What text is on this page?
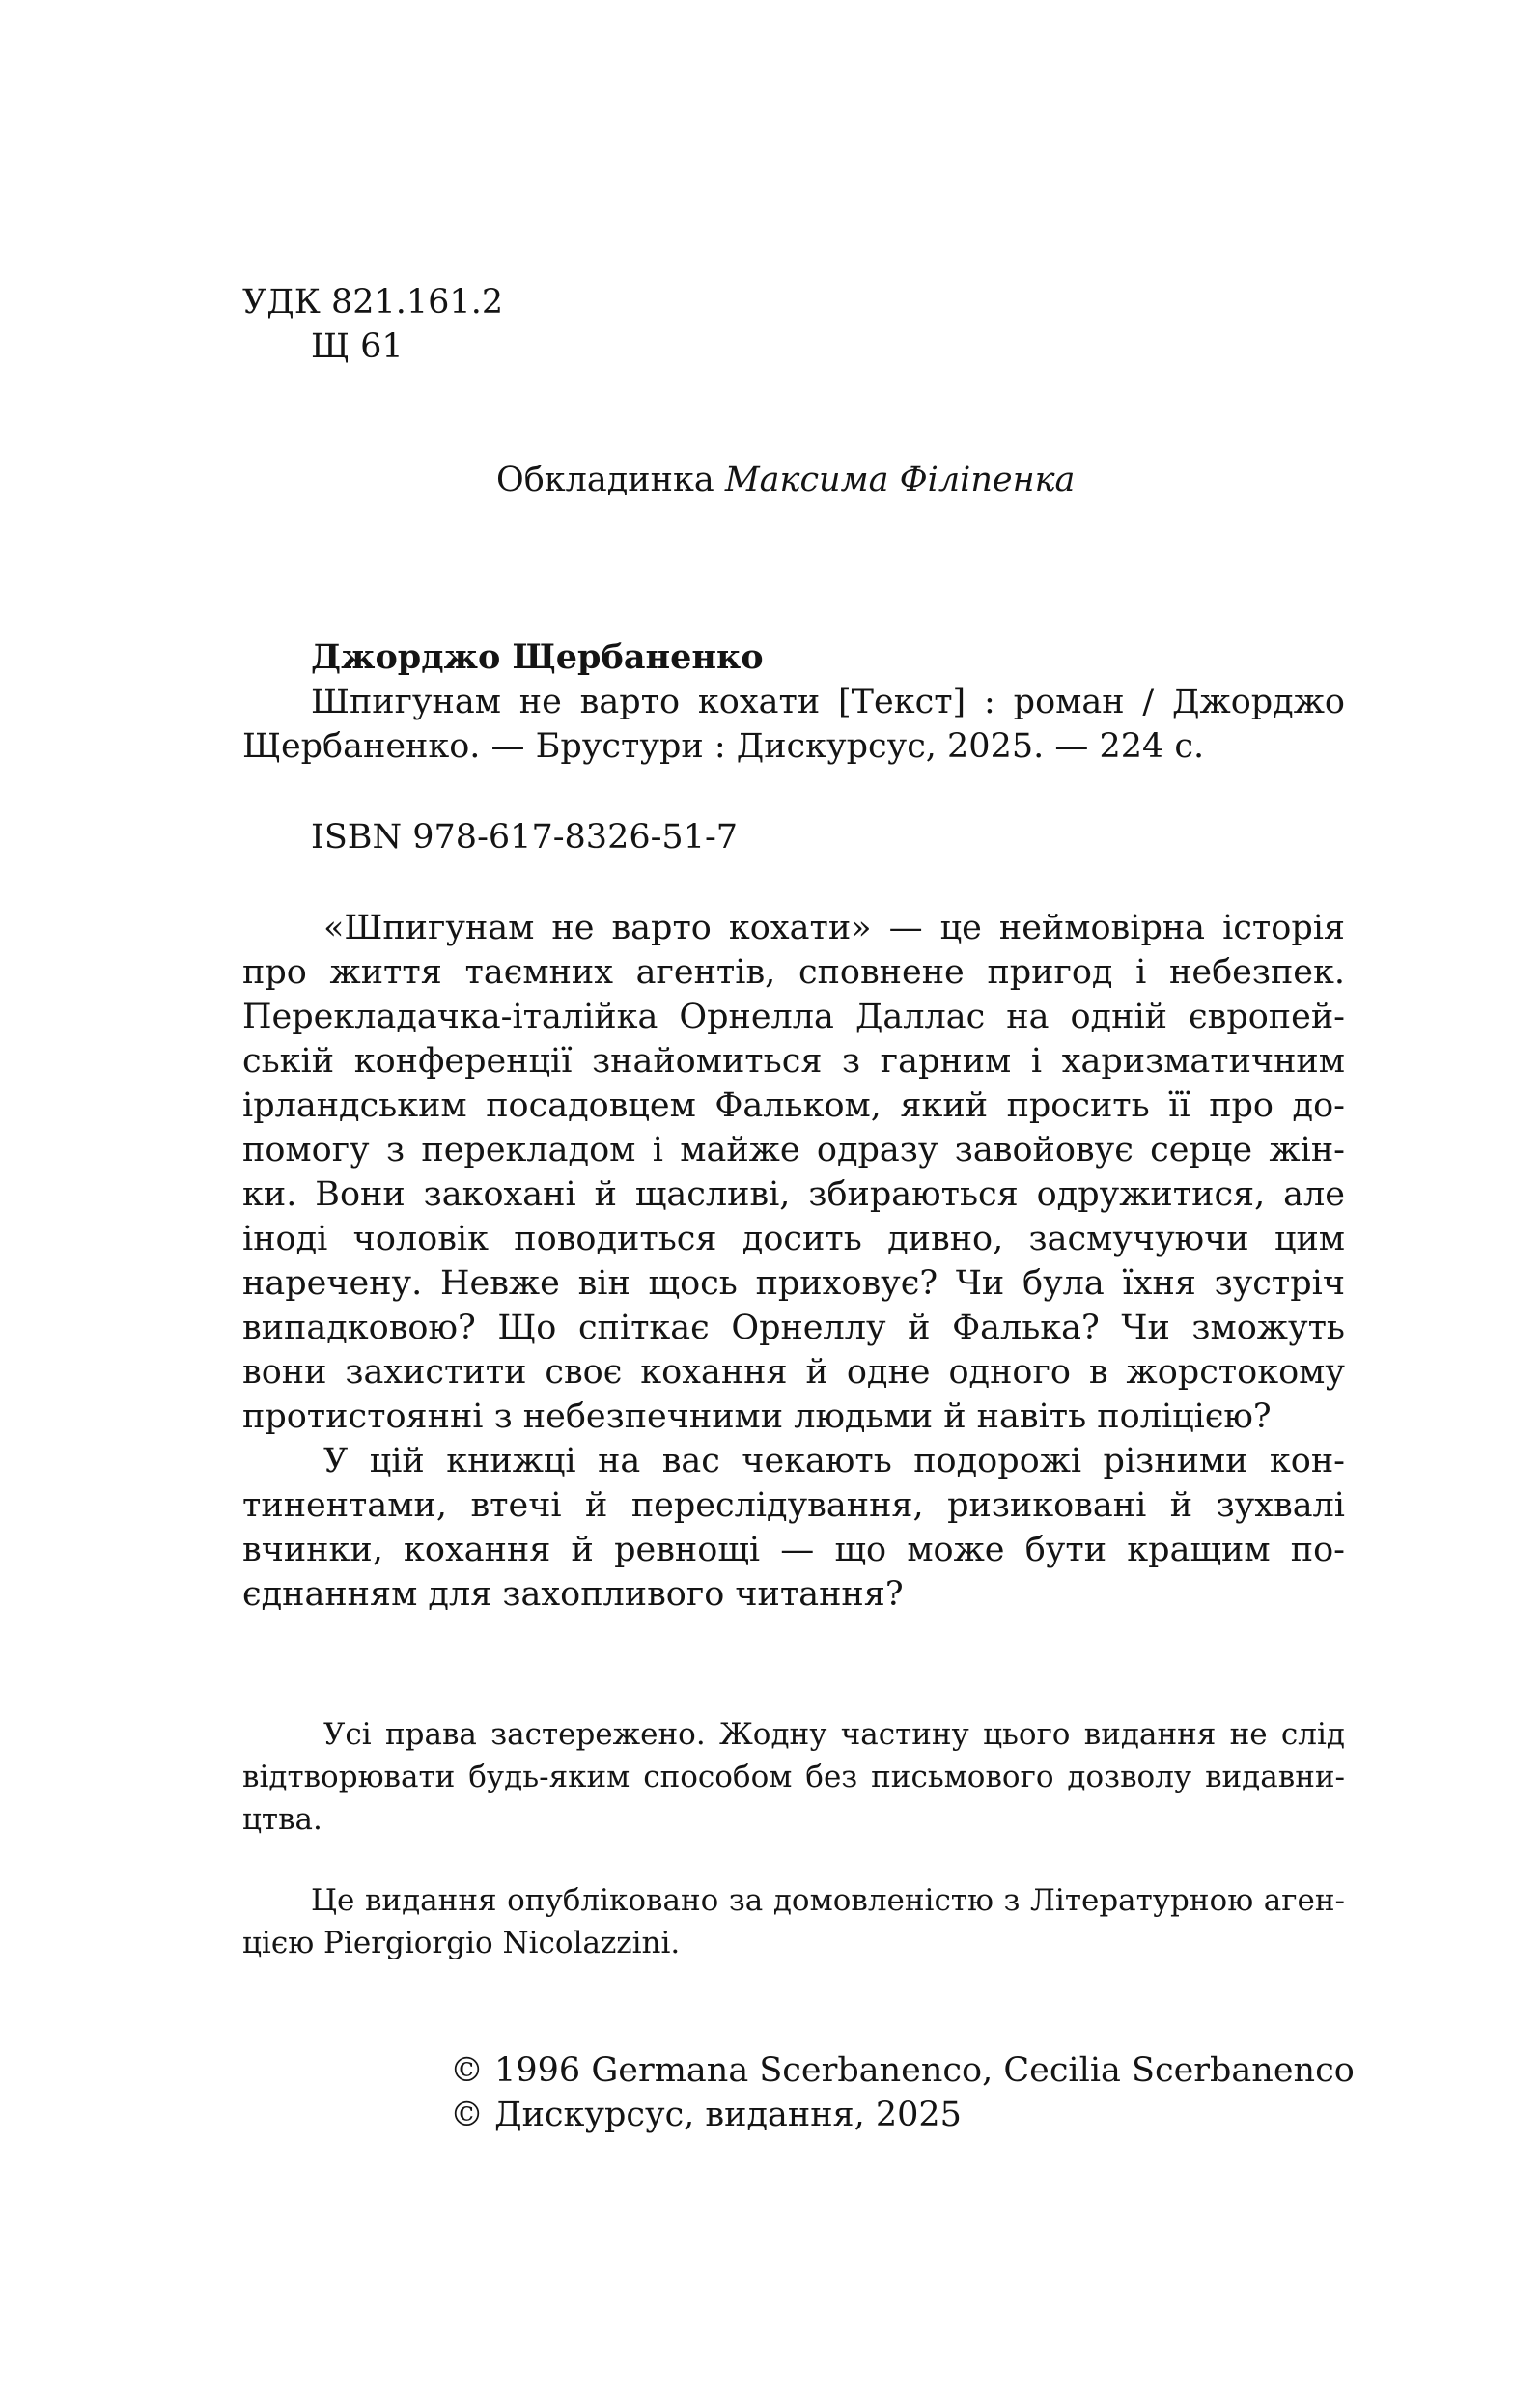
УДК 821.161.2

Щ 61

Обкладинка Максима Філіпенка

Джорджо Щербаненко

Шпигунам не варто кохати [Текст] : роман / Джорджо
Щербаненко. — Брустури : Дискурсус, 2025. — 224 с.

ISBN 978-617-8326-51-7

«Шпигунам не варто кохати» — це неймовірна історія
про життя таємних агентів, сповнене пригод і небезпек.
Перекладачка-італійка Орнелла Даллас на одній європей-
ській конференції знайомиться з гарним і харизматичним
ірландським посадовцем Фальком, який просить її про до-
помогу з перекладом і майже одразу завойовує серце жін-
ки. Вони закохані й щасливі, збираються одружитися, але
іноді чоловік поводиться досить дивно, засмучуючи цим
наречену. Невже він щось приховує? Чи була їхня зустріч
випадковою? Що спіткає Орнеллу й Фалька? Чи зможуть
вони захистити своє кохання й одне одного в жорстокому
протистоянні з небезпечними людьми й навіть поліцією?
У цій книжці на вас чекають подорожі різними кон-
тинентами, втечі й переслідування, ризиковані й зухвалі
вчинки, кохання й ревнощі — що може бути кращим по-
єднанням для захопливого читання?
Усі права застережено. Жодну частину цього видання не слід
відтворювати будь-яким способом без письмового дозволу видавни-
цтва.
Це видання опубліковано за домовленістю з Літературною аген-
цією Piergiorgio Nicolazzini.

© 1996 Germana Scerbanenco, Cecilia Scerbanenco

© Дискурсус, видання, 2025
